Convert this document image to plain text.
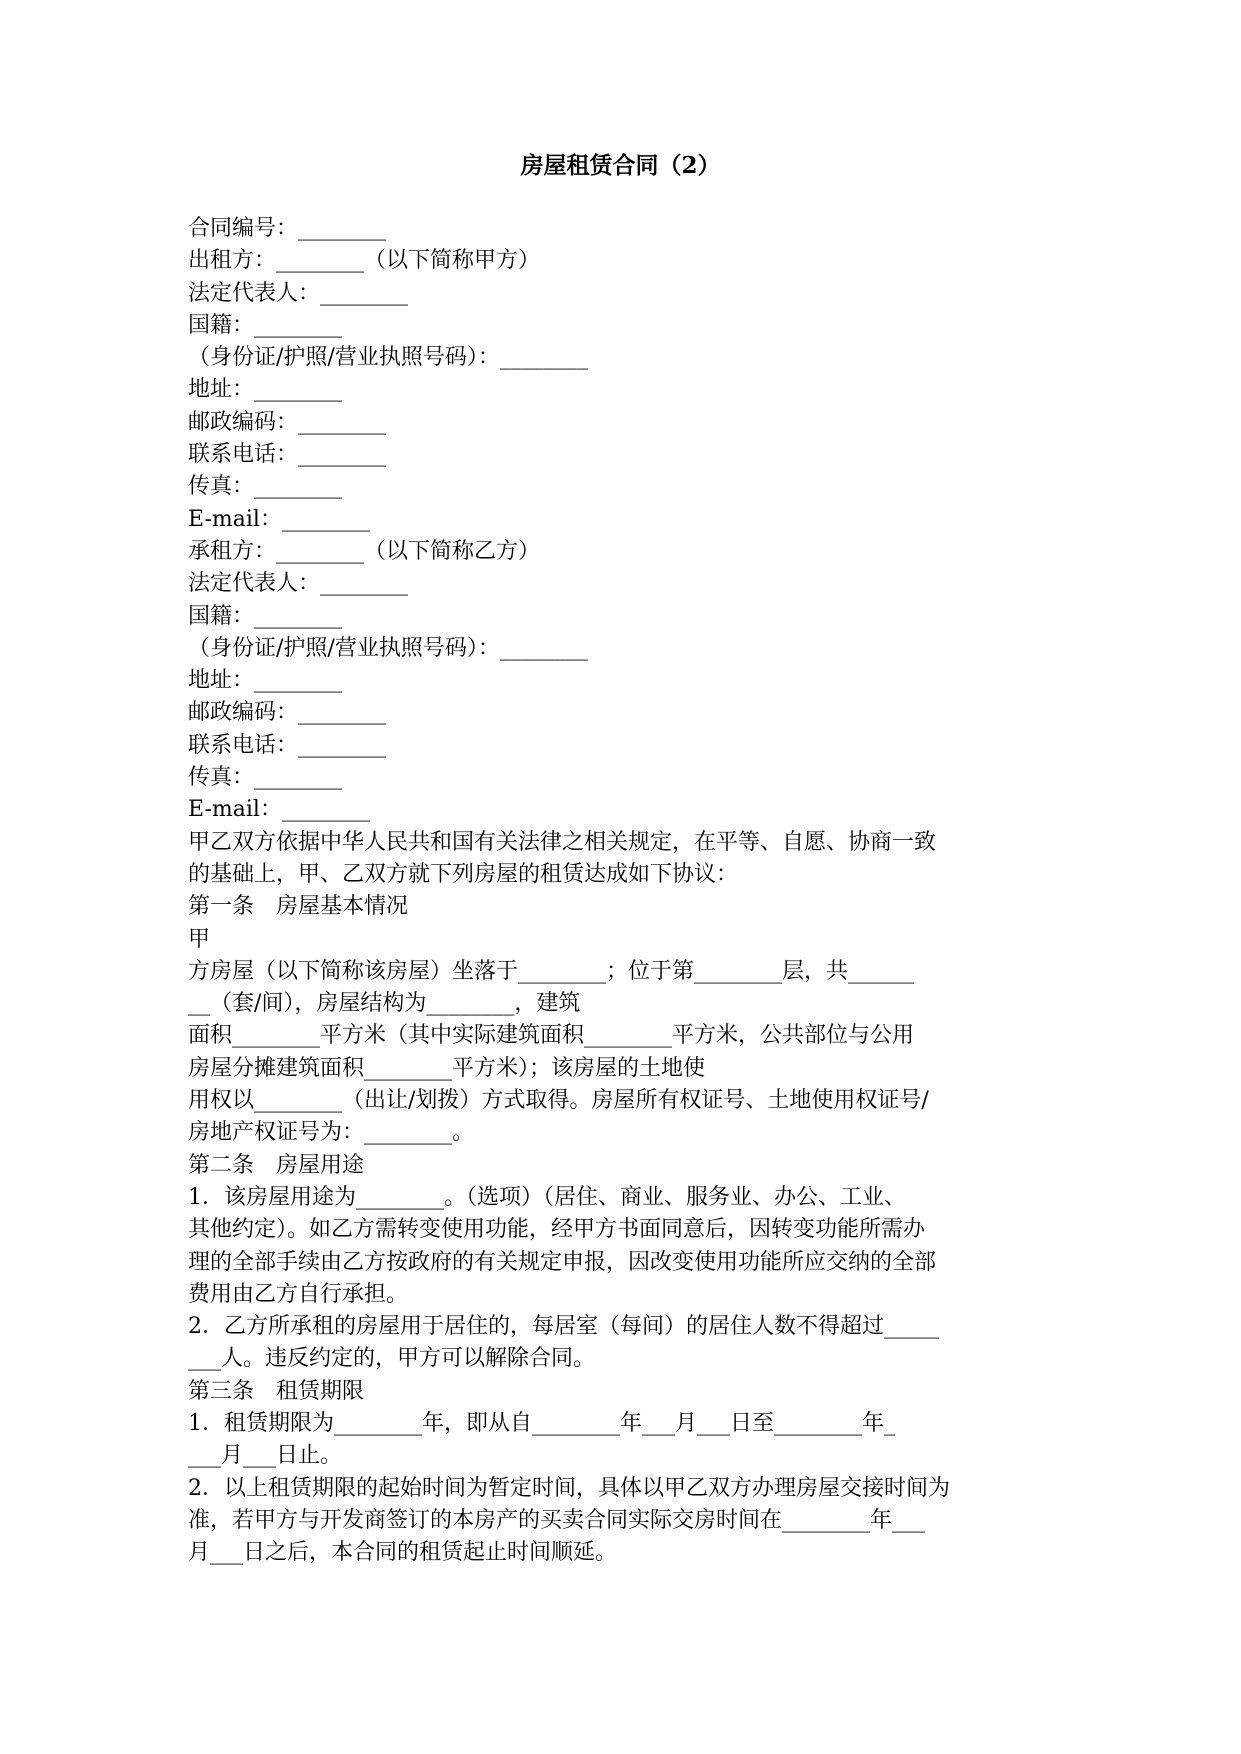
房屋租赁合同（2）

合同编号：________

出租方：________（以下简称甲方）

法定代表人：________

国籍：________

（身份证/护照/营业执照号码）：________

地址：________

邮政编码：________

联系电话：________

传真：________

E-mail：________

承租方：________（以下简称乙方）

法定代表人：________

国籍：________

（身份证/护照/营业执照号码）：________

地址：________

邮政编码：________

联系电话：________

传真：________

E-mail：________

甲乙双方依据中华人民共和国有关法律之相关规定，在平等、自愿、协商一致

的基础上，甲、乙双方就下列房屋的租赁达成如下协议：

第一条　房屋基本情况

甲

方房屋（以下简称该房屋）坐落于________；位于第________层，共______

__（套/间），房屋结构为________，建筑

面积________平方米（其中实际建筑面积________平方米，公共部位与公用

房屋分摊建筑面积________平方米）；该房屋的土地使

用权以________（出让/划拨）方式取得。房屋所有权证号、土地使用权证号/

房地产权证号为：________。

第二条　房屋用途

1．该房屋用途为________。（选项）（居住、商业、服务业、办公、工业、

其他约定）。如乙方需转变使用功能，经甲方书面同意后，因转变功能所需办

理的全部手续由乙方按政府的有关规定申报，因改变使用功能所应交纳的全部

费用由乙方自行承担。

2．乙方所承租的房屋用于居住的，每居室（每间）的居住人数不得超过_____

___人。违反约定的，甲方可以解除合同。

第三条　租赁期限

1．租赁期限为________年，即从自________年___月___日至________年_

___月___日止。

2．以上租赁期限的起始时间为暂定时间，具体以甲乙双方办理房屋交接时间为

准，若甲方与开发商签订的本房产的买卖合同实际交房时间在________年___

月___日之后，本合同的租赁起止时间顺延。
